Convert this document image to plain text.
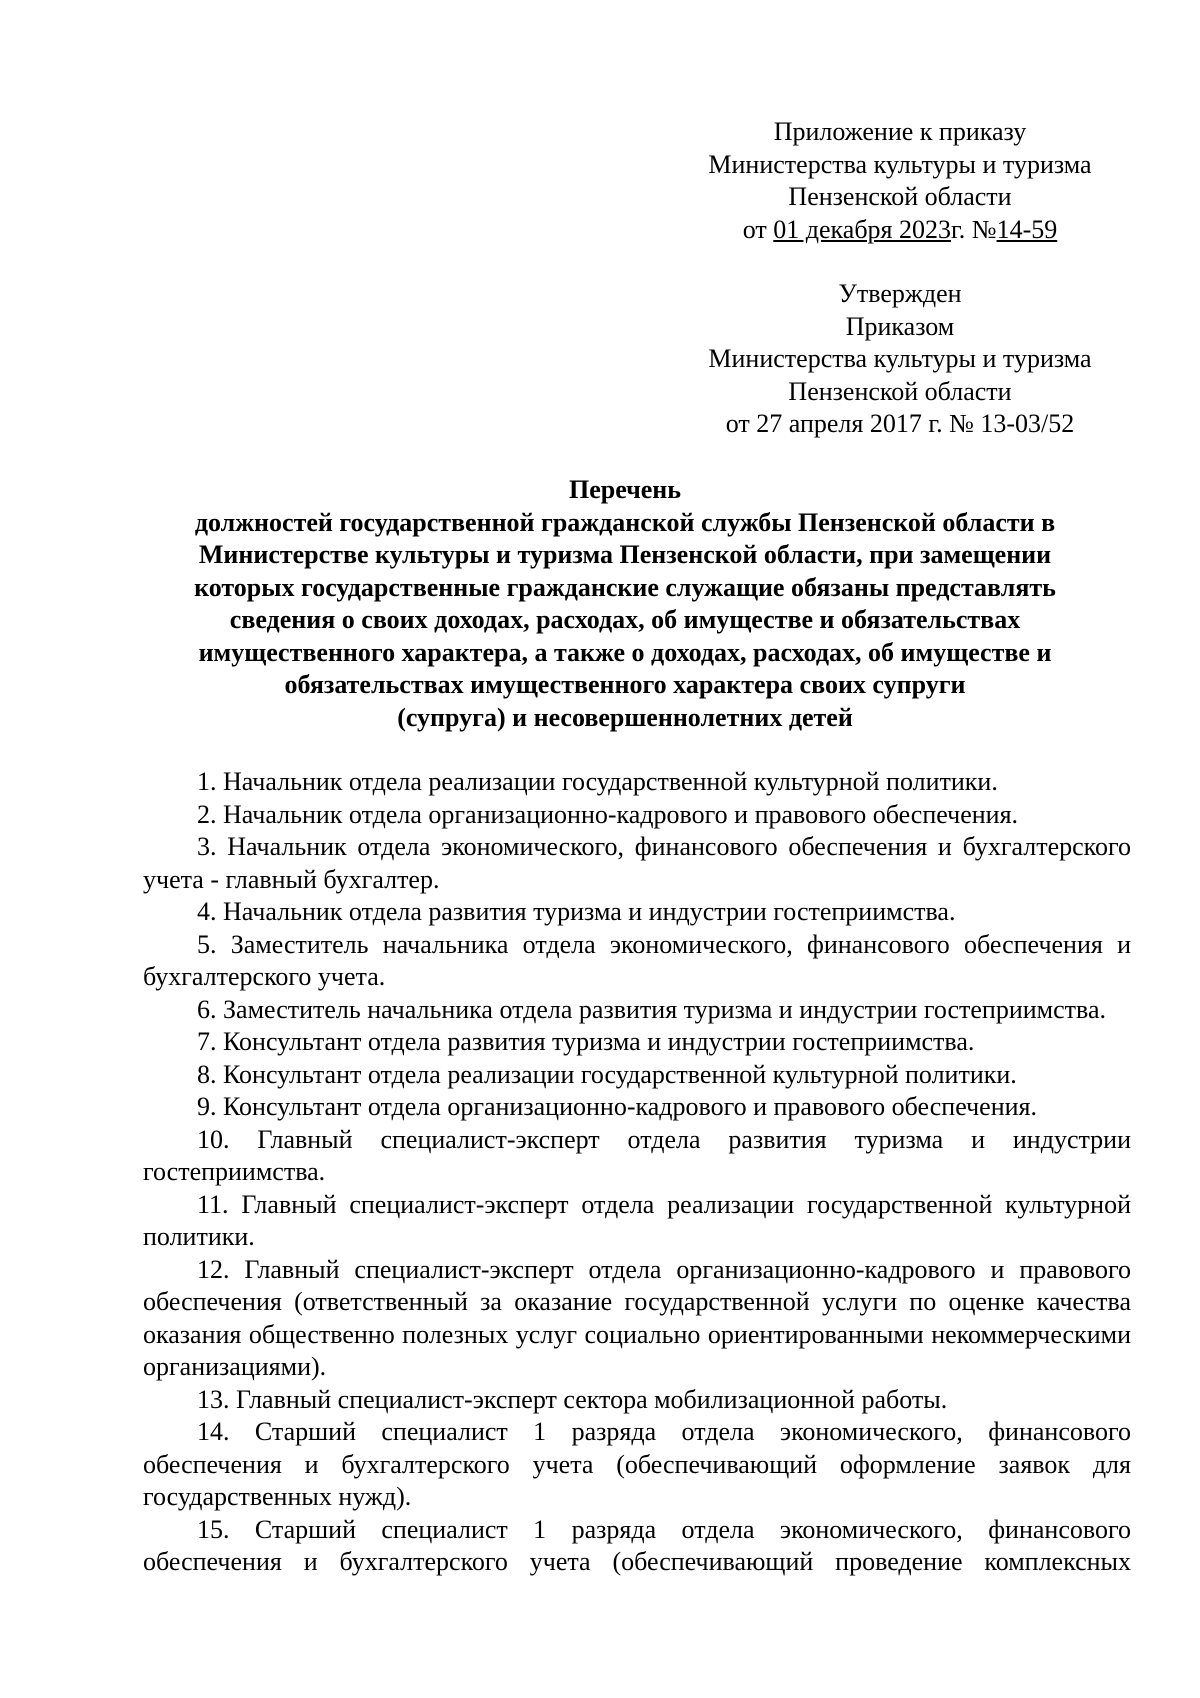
Приложение к приказу
Министерства культуры и туризма
Пензенской области
от 01 декабря 2023г. №14-59
Утвержден
Приказом
Министерства культуры и туризма
Пензенской области
от 27 апреля 2017 г. № 13-03/52
Перечень
должностей государственной гражданской службы Пензенской области в
Министерстве культуры и туризма Пензенской области, при замещении
которых государственные гражданские служащие обязаны представлять
сведения о своих доходах, расходах, об имуществе и обязательствах
имущественного характера, а также о доходах, расходах, об имуществе и
обязательствах имущественного характера своих супруги
(супруга) и несовершеннолетних детей

1. Начальник отдела реализации государственной культурной политики.

2. Начальник отдела организационно-кадрового и правового обеспечения.

3. Начальник отдела экономического, финансового обеспечения и бухгалтерского учета - главный бухгалтер.

4. Начальник отдела развития туризма и индустрии гостеприимства.

5. Заместитель начальника отдела экономического, финансового обеспечения и бухгалтерского учета.

6. Заместитель начальника отдела развития туризма и индустрии гостеприимства.

7. Консультант отдела развития туризма и индустрии гостеприимства.

8. Консультант отдела реализации государственной культурной политики.

9. Консультант отдела организационно-кадрового и правового обеспечения.

10. Главный специалист-эксперт отдела развития туризма и индустрии гостеприимства.

11. Главный специалист-эксперт отдела реализации государственной культурной политики.

12. Главный специалист-эксперт отдела организационно-кадрового и правового обеспечения (ответственный за оказание государственной услуги по оценке качества оказания общественно полезных услуг социально ориентированными некоммерческими организациями).

13. Главный специалист-эксперт сектора мобилизационной работы.

14. Старший специалист 1 разряда отдела экономического, финансового обеспечения и бухгалтерского учета (обеспечивающий оформление заявок для государственных нужд).

15. Старший специалист 1 разряда отдела экономического, финансового обеспечения и бухгалтерского учета (обеспечивающий проведение комплексных
